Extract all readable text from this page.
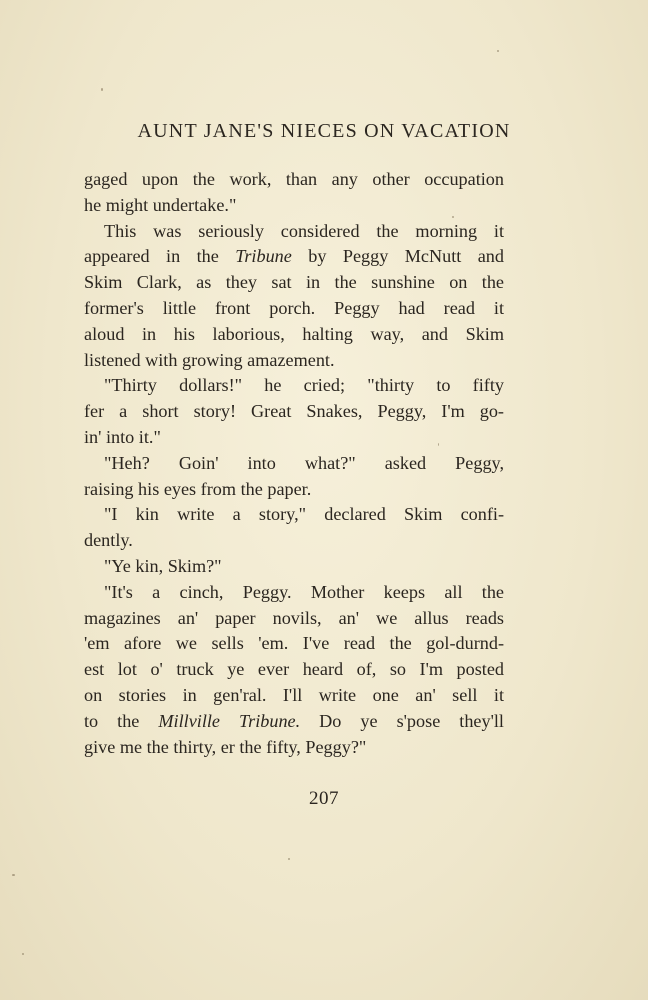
AUNT JANE'S NIECES ON VACATION

gaged upon the work, than any other occupation
he might undertake."

This was seriously considered the morning it
appeared in the Tribune by Peggy McNutt and
Skim Clark, as they sat in the sunshine on the
former's little front porch. Peggy had read it
aloud in his laborious, halting way, and Skim
listened with growing amazement.

"Thirty dollars!" he cried; "thirty to fifty
fer a short story! Great Snakes, Peggy, I'm go-
in' into it."

"Heh? Goin' into what?" asked Peggy,
raising his eyes from the paper.

"I kin write a story," declared Skim confi-
dently.

"Ye kin, Skim?"

"It's a cinch, Peggy. Mother keeps all the
magazines an' paper novils, an' we allus reads
'em afore we sells 'em. I've read the gol-durnd-
est lot o' truck ye ever heard of, so I'm posted
on stories in gen'ral. I'll write one an' sell it
to the Millville Tribune. Do ye s'pose they'll
give me the thirty, er the fifty, Peggy?"

207
